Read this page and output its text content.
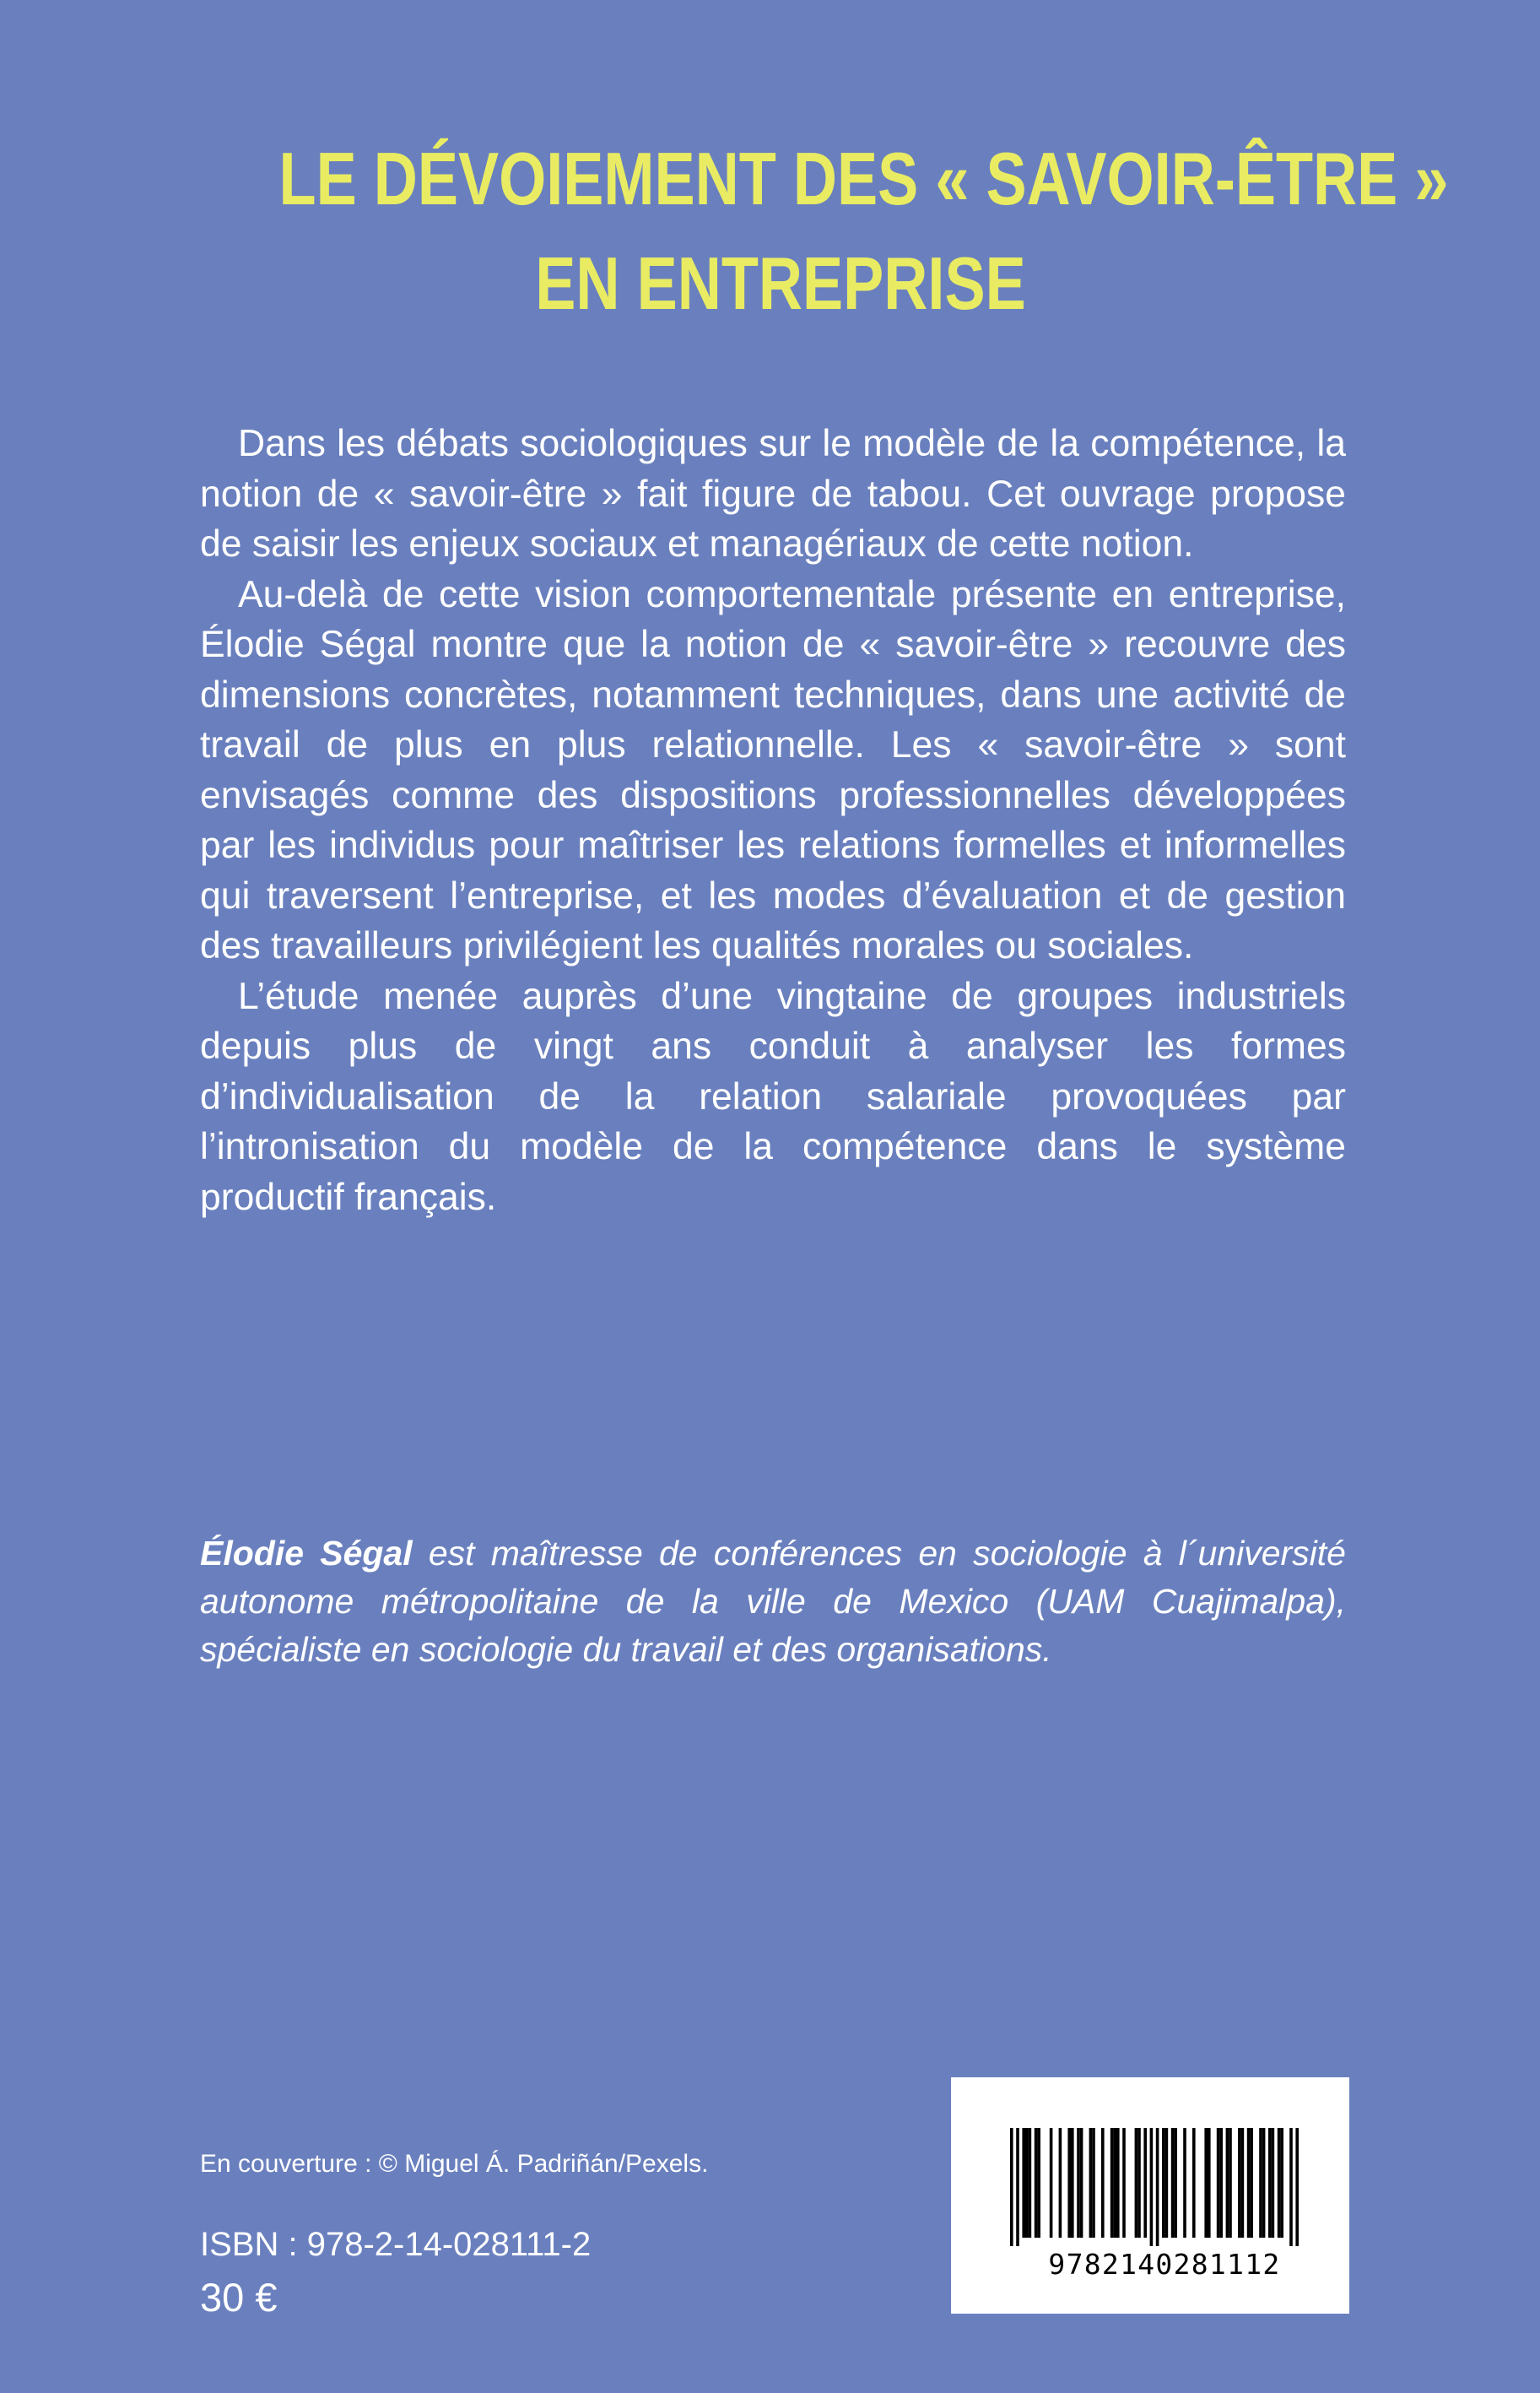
LE DÉVOIEMENT DES « SAVOIR-ÊTRE »
EN ENTREPRISE

Dans les débats sociologiques sur le modèle de la compétence, la notion de « savoir-être » fait figure de tabou. Cet ouvrage propose de saisir les enjeux sociaux et managériaux de cette notion.

Au-delà de cette vision comportementale présente en entreprise, Élodie Ségal montre que la notion de « savoir-être » recouvre des dimensions concrètes, notamment techniques, dans une activité de travail de plus en plus relationnelle. Les « savoir-être » sont envisagés comme des dispositions professionnelles développées par les individus pour maîtriser les relations formelles et informelles qui traversent l’entreprise, et les modes d’évaluation et de gestion des travailleurs privilégient les qualités morales ou sociales.

L’étude menée auprès d’une vingtaine de groupes industriels depuis plus de vingt ans conduit à analyser les formes d’individualisation de la relation salariale provoquées par l’intronisation du modèle de la compétence dans le système productif français.

Élodie Ségal est maîtresse de conférences en sociologie à l´université autonome métropolitaine de la ville de Mexico (UAM Cuajimalpa), spécialiste en sociologie du travail et des organisations.
En couverture : © Miguel Á. Padriñán/Pexels.
ISBN : 978-2-14-028111-2
30 €
9782140281112
